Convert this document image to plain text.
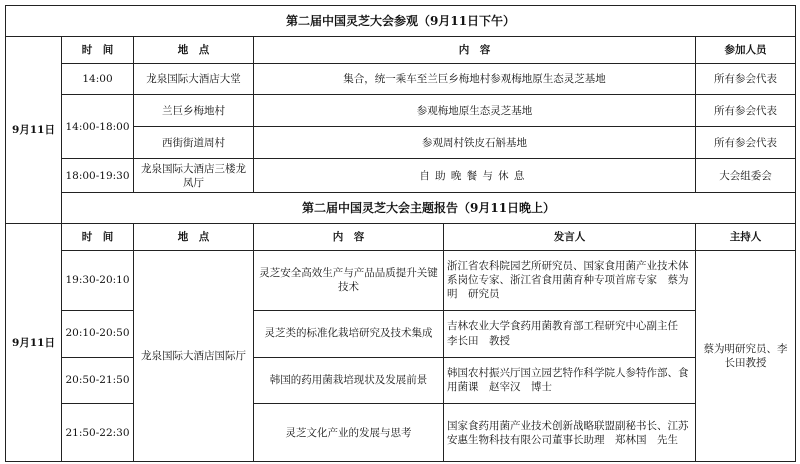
第二届中国灵芝大会参观（9月11日下午）					
9月11日	时　间	地　点	内　容		参加人员
	14:00	龙泉国际大酒店大堂	集合，统一乘车至兰巨乡梅地村参观梅地原生态灵芝基地		所有参会代表
	14:00-18:00	兰巨乡梅地村	参观梅地原生态灵芝基地		所有参会代表
		西街街道周村	参观周村铁皮石斛基地		所有参会代表
	18:00-19:30	龙泉国际大酒店三楼龙凤厅	自助晚餐与休息		大会组委会
	第二届中国灵芝大会主题报告（9月11日晚上）				
9月11日	时　间	地　点	内　容	发言人	主持人
	19:30-20:10	龙泉国际大酒店国际厅	灵芝安全高效生产与产品品质提升关键技术	浙江省农科院园艺所研究员、国家食用菌产业技术体系岗位专家、浙江省食用菌育种专项首席专家　蔡为明　研究员	蔡为明研究员、李长田教授
	20:10-20:50		灵芝类的标准化栽培研究及技术集成	吉林农业大学食药用菌教育部工程研究中心副主任　李长田　教授	
	20:50-21:50		韩国的药用菌栽培现状及发展前景	韩国农村振兴厅国立园艺特作科学院人参特作部、食用菌课　赵宰汉　博士	
	21:50-22:30		灵芝文化产业的发展与思考	国家食药用菌产业技术创新战略联盟副秘书长、江苏安惠生物科技有限公司董事长助理　郑林国　先生	
